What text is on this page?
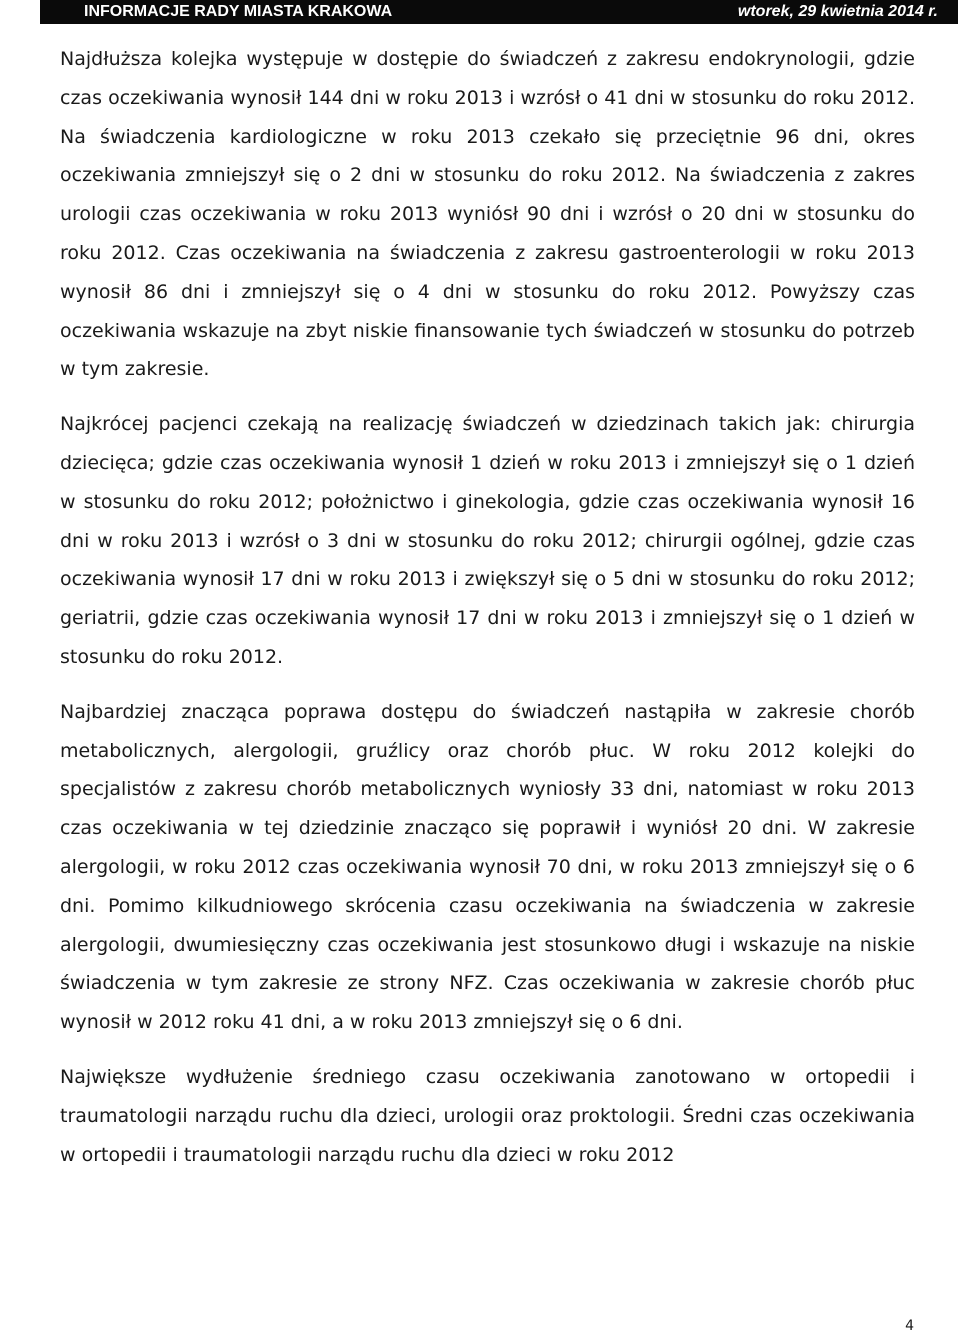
INFORMACJE RADY MIASTA KRAKOWA	wtorek, 29 kwietnia 2014 r.

Najdłuższa kolejka występuje w dostępie do świadczeń z zakresu endokrynologii, gdzie czas oczekiwania wynosił 144 dni w roku 2013 i wzrósł o 41 dni w stosunku do roku 2012. Na świadczenia kardiologiczne w roku 2013 czekało się przeciętnie 96 dni, okres oczekiwania zmniejszył się o 2 dni w stosunku do roku 2012. Na świadczenia z zakres urologii czas oczekiwania w roku 2013 wyniósł 90 dni i wzrósł o 20 dni w stosunku do roku 2012. Czas oczekiwania na świadczenia z zakresu gastroenterologii w roku 2013 wynosił 86 dni i zmniejszył się o 4 dni w stosunku do roku 2012. Powyższy czas oczekiwania wskazuje na zbyt niskie finansowanie tych świadczeń w stosunku do potrzeb w tym zakresie.

Najkrócej pacjenci czekają na realizację świadczeń w dziedzinach takich jak: chirurgia dziecięca; gdzie czas oczekiwania wynosił 1 dzień w roku 2013 i zmniejszył się o 1 dzień w stosunku do roku 2012; położnictwo i ginekologia, gdzie czas oczekiwania wynosił 16 dni w roku 2013 i wzrósł o 3 dni w stosunku do roku 2012; chirurgii ogólnej, gdzie czas oczekiwania wynosił 17 dni w roku 2013 i zwiększył się o 5 dni w stosunku do roku 2012; geriatrii, gdzie czas oczekiwania wynosił 17 dni w roku 2013 i zmniejszył się o 1 dzień w stosunku do roku 2012.

Najbardziej znacząca poprawa dostępu do świadczeń nastąpiła w zakresie chorób metabolicznych, alergologii, gruźlicy oraz chorób płuc. W roku 2012 kolejki do specjalistów z zakresu chorób metabolicznych wyniosły 33 dni, natomiast w roku 2013 czas oczekiwania w tej dziedzinie znacząco się poprawił i wyniósł 20 dni. W zakresie alergologii, w roku 2012 czas oczekiwania wynosił 70 dni, w roku 2013 zmniejszył się o 6 dni. Pomimo kilkudniowego skrócenia czasu oczekiwania na świadczenia w zakresie alergologii, dwumiesięczny czas oczekiwania jest stosunkowo długi i wskazuje na niskie świadczenia w tym zakresie ze strony NFZ. Czas oczekiwania w zakresie chorób płuc wynosił w 2012 roku 41 dni, a w roku 2013 zmniejszył się o 6 dni.

Największe wydłużenie średniego czasu oczekiwania zanotowano w ortopedii i traumatologii narządu ruchu dla dzieci, urologii oraz proktologii. Średni czas oczekiwania w ortopedii i traumatologii narządu ruchu dla dzieci w roku 2012

4
